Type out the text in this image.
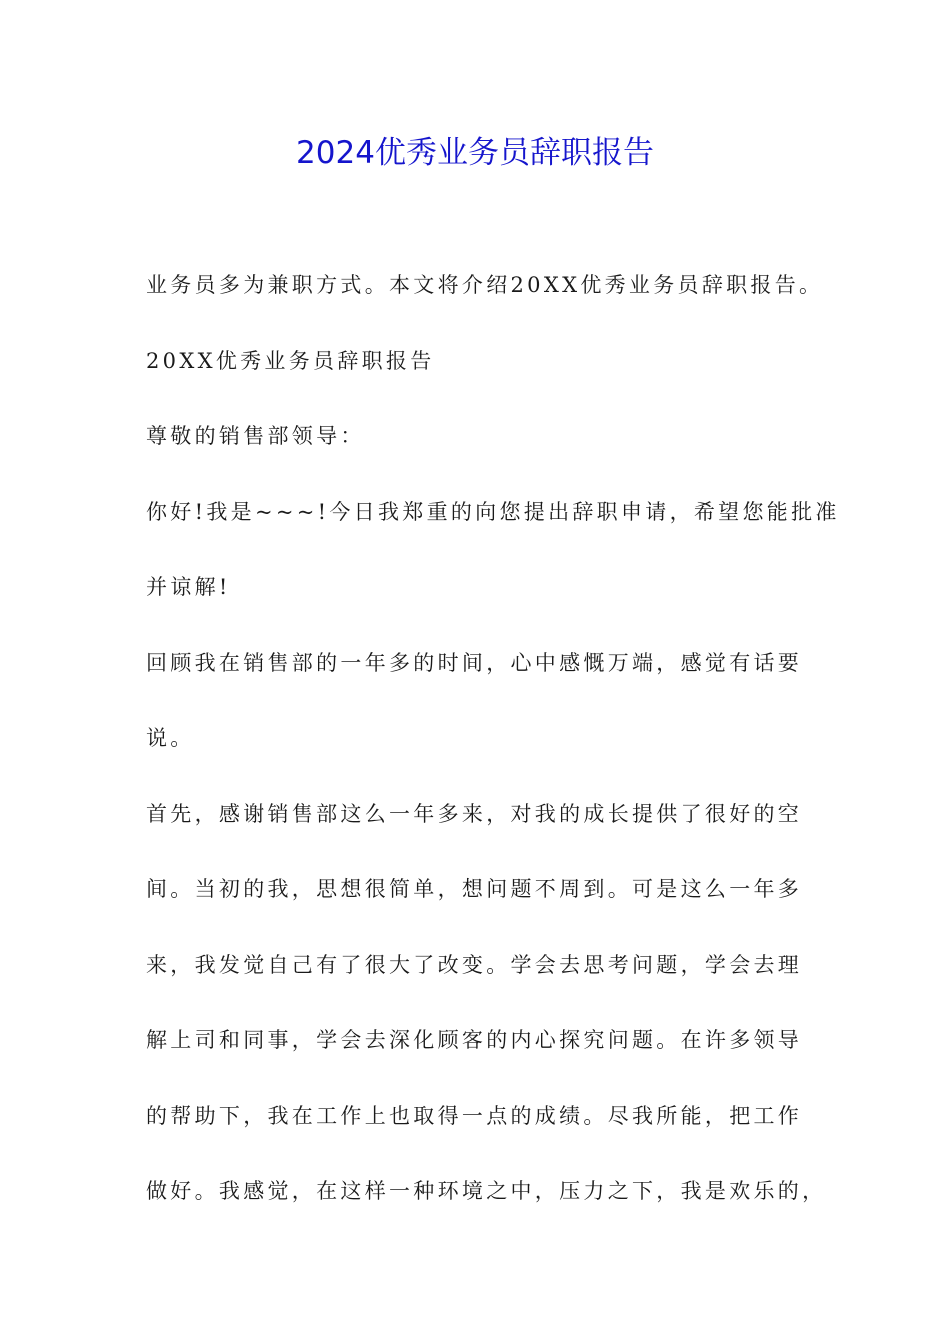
2024优秀业务员辞职报告

业务员多为兼职方式。本文将介绍20XX优秀业务员辞职报告。

20XX优秀业务员辞职报告

尊敬的销售部领导：

你好!我是~~~!今日我郑重的向您提出辞职申请，希望您能批准

并谅解!

回顾我在销售部的一年多的时间，心中感慨万端，感觉有话要

说。

首先，感谢销售部这么一年多来，对我的成长提供了很好的空

间。当初的我，思想很简单，想问题不周到。可是这么一年多

来，我发觉自己有了很大了改变。学会去思考问题，学会去理

解上司和同事，学会去深化顾客的内心探究问题。在许多领导

的帮助下，我在工作上也取得一点的成绩。尽我所能，把工作

做好。我感觉，在这样一种环境之中，压力之下，我是欢乐的，
